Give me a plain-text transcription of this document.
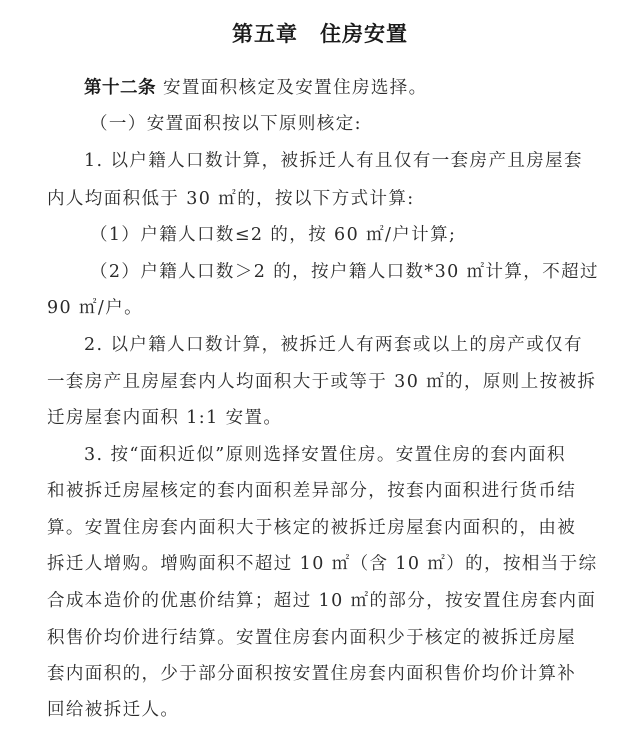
第五章 住房安置
第十二条 安置面积核定及安置住房选择。
（一）安置面积按以下原则核定:
1. 以户籍人口数计算，被拆迁人有且仅有一套房产且房屋套
内人均面积低于 30 ㎡的，按以下方式计算:
（1）户籍人口数≤2 的，按 60 ㎡/户计算;
（2）户籍人口数＞2 的，按户籍人口数*30 ㎡计算，不超过
90 ㎡/户。
2. 以户籍人口数计算，被拆迁人有两套或以上的房产或仅有
一套房产且房屋套内人均面积大于或等于 30 ㎡的，原则上按被拆
迁房屋套内面积 1:1 安置。
3. 按“面积近似”原则选择安置住房。安置住房的套内面积
和被拆迁房屋核定的套内面积差异部分，按套内面积进行货币结
算。安置住房套内面积大于核定的被拆迁房屋套内面积的，由被
拆迁人增购。增购面积不超过 10 ㎡（含 10 ㎡）的，按相当于综
合成本造价的优惠价结算；超过 10 ㎡的部分，按安置住房套内面
积售价均价进行结算。安置住房套内面积少于核定的被拆迁房屋
套内面积的，少于部分面积按安置住房套内面积售价均价计算补
回给被拆迁人。
